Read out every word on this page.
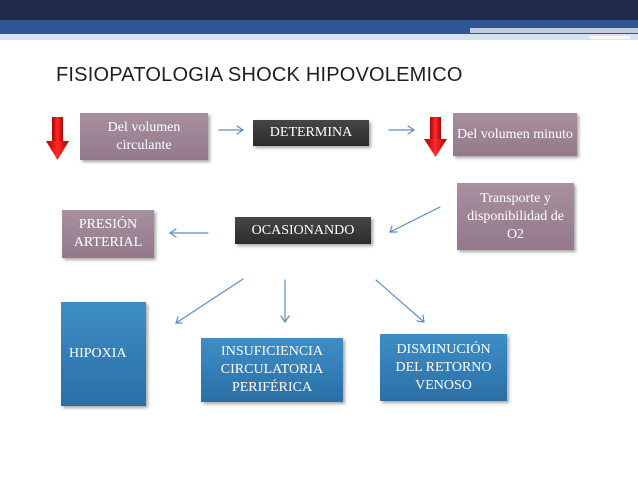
FISIOPATOLOGIA SHOCK HIPOVOLEMICO
Del volumen circulante
DETERMINA	Del volumen minuto
Transporte y disponibilidad de O2
OCASIONANDO
PRESIÓN ARTERIAL
HIPOXIA	INSUFICIENCIA CIRCULATORIA PERIFÉRICA
DISMINUCIÓN DEL RETORNO VENOSO
